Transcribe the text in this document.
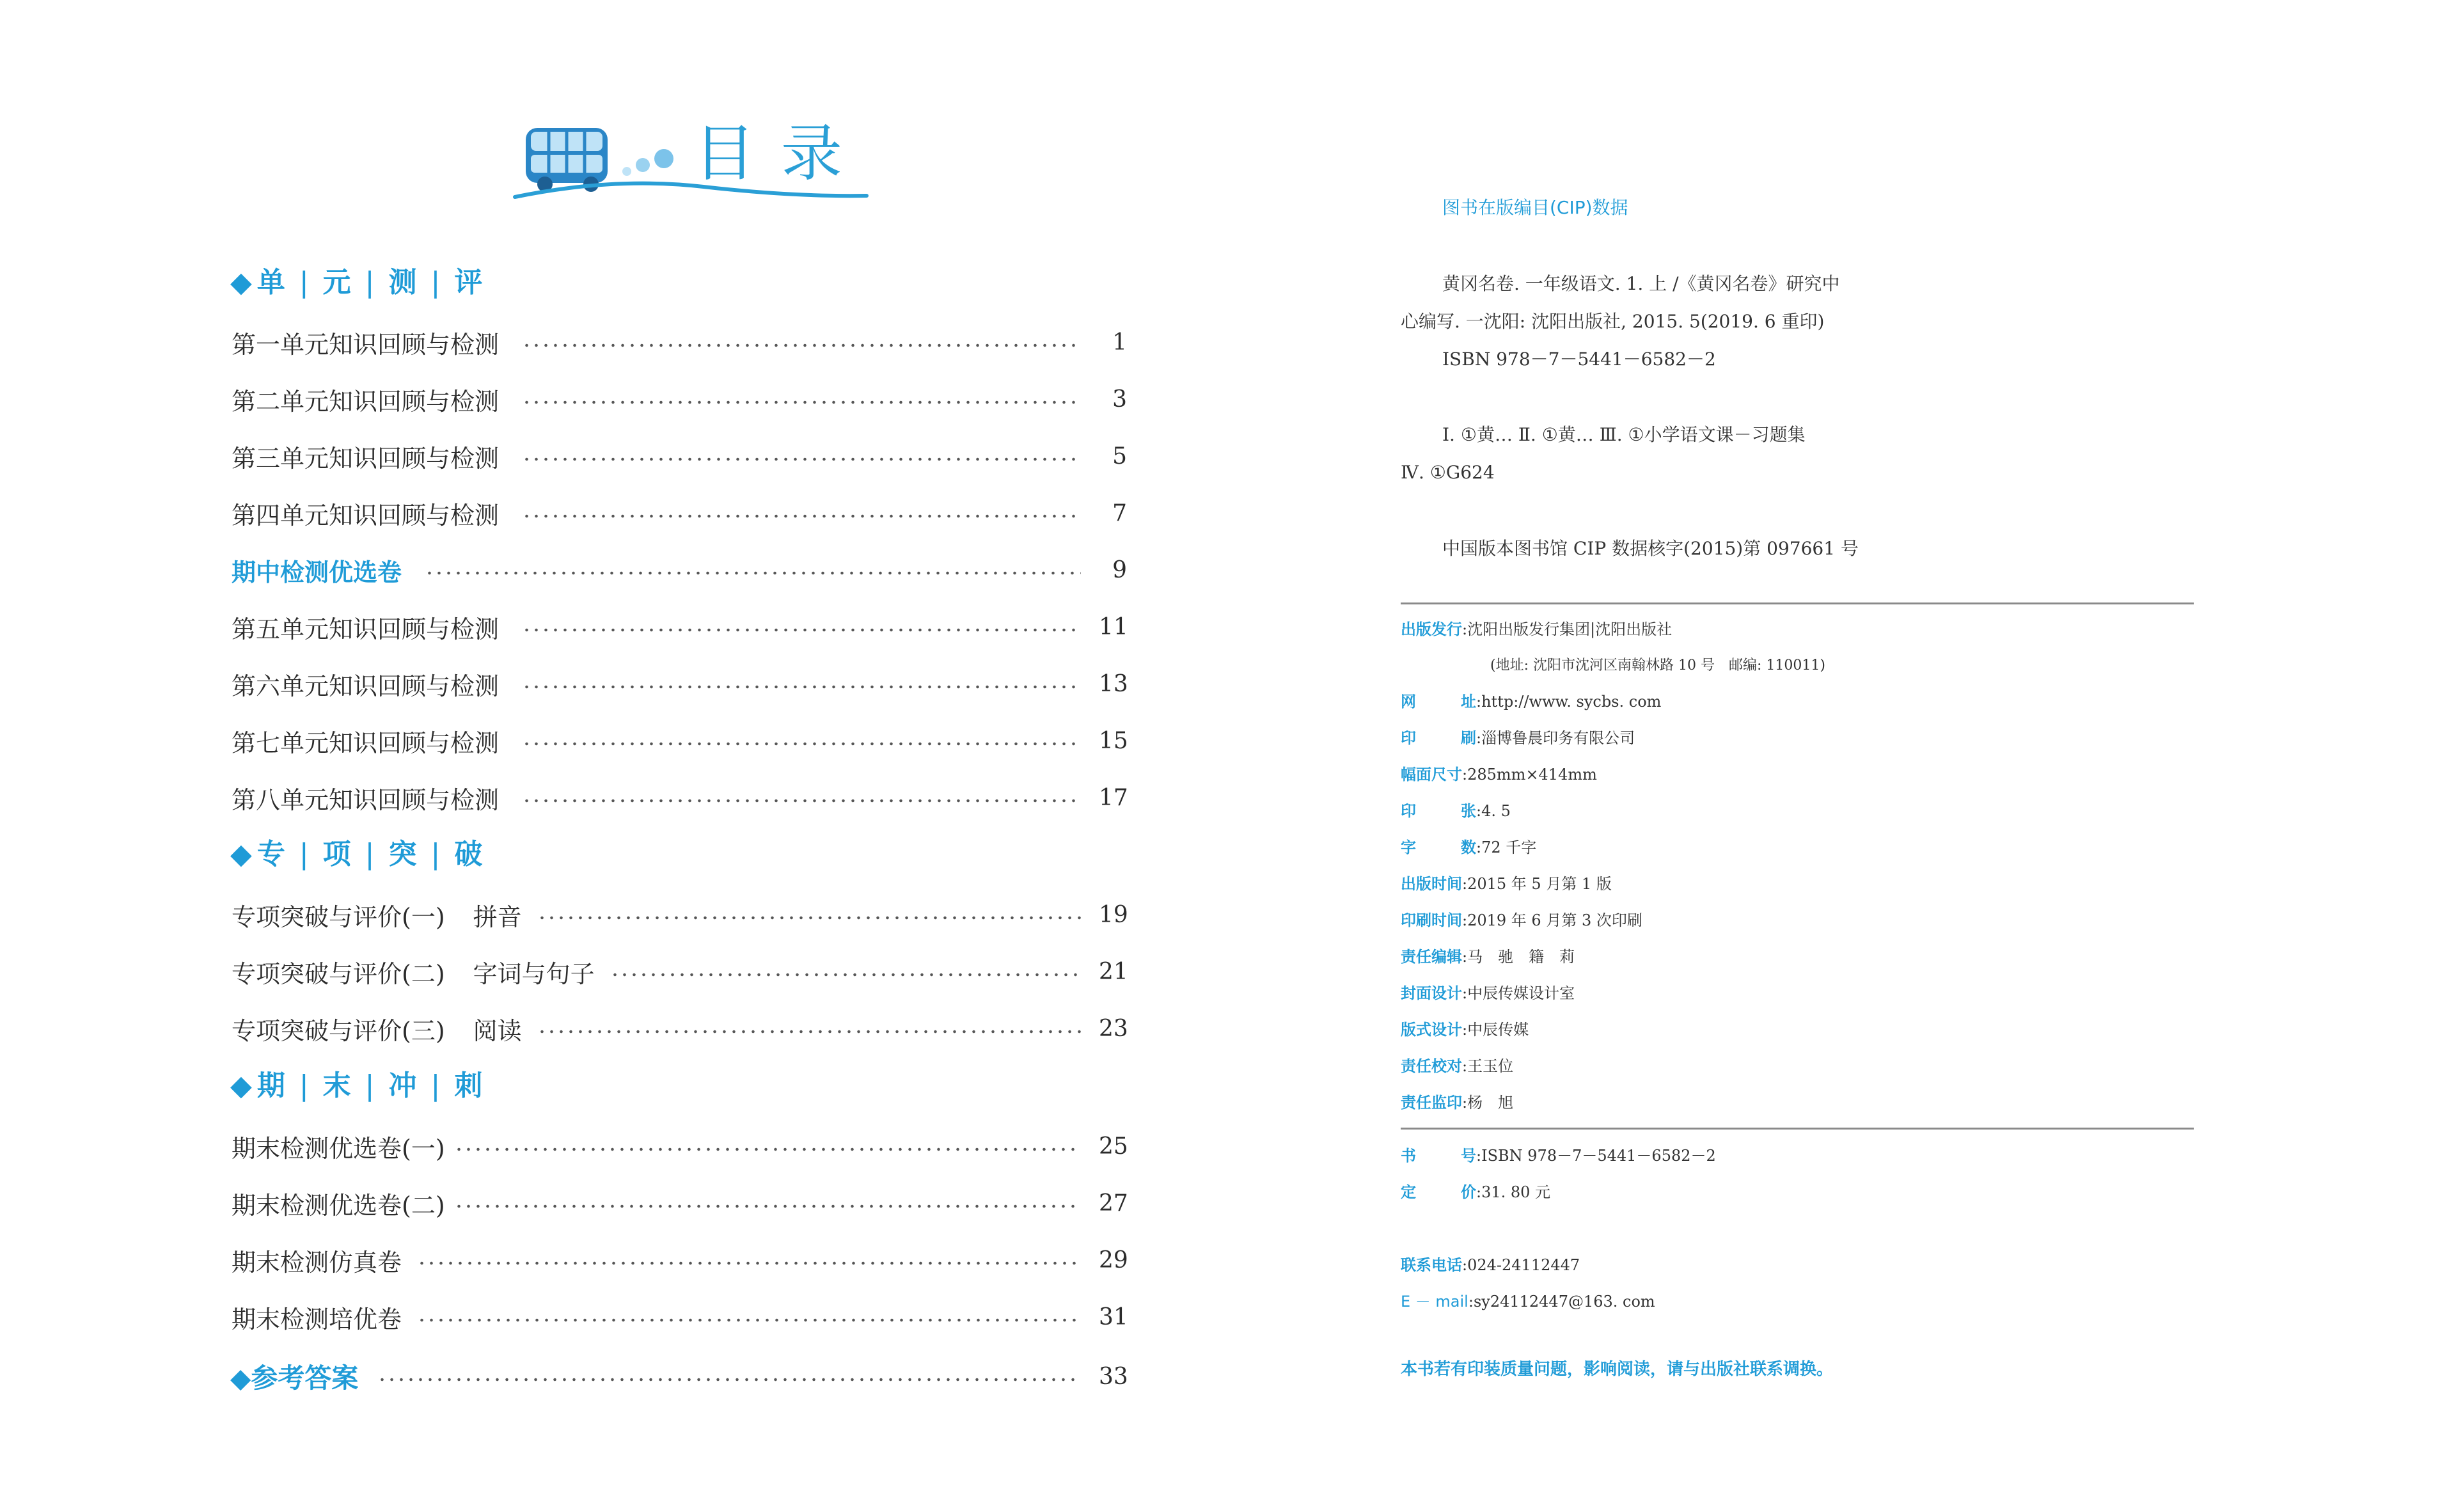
目录
◆ 单 | 元 | 测 | 评
第一单元知识回顾与检测	1
第二单元知识回顾与检测	3
第三单元知识回顾与检测	5
第四单元知识回顾与检测	7
期中检测优选卷	9
第五单元知识回顾与检测	11
第六单元知识回顾与检测	13
第七单元知识回顾与检测	15
第八单元知识回顾与检测	17
◆ 专 | 项 | 突 | 破
专项突破与评价(一) 拼音	19
专项突破与评价(二) 字词与句子	21
专项突破与评价(三) 阅读	23
◆ 期 | 末 | 冲 | 刺
期末检测优选卷(一)	25
期末检测优选卷(二)	27
期末检测仿真卷	29
期末检测培优卷	31
◆参考答案	33
图书在版编目(CIP)数据
黄冈名卷. 一年级语文. 1. 上 /《黄冈名卷》研究中
心编写. 一沈阳: 沈阳出版社, 2015. 5(2019. 6 重印)
ISBN 978－7－5441－6582－2
Ⅰ. ①黄… Ⅱ. ①黄… Ⅲ. ①小学语文课－习题集
Ⅳ. ①G624
中国版本图书馆 CIP 数据核字(2015)第 097661 号
出版发行:沈阳出版发行集团|沈阳出版社
(地址: 沈阳市沈河区南翰林路 10 号　邮编: 110011)
网　址:http://www. sycbs. com
印　刷:淄博鲁晨印务有限公司
幅面尺寸:285mm×414mm
印　张:4. 5
字　数:72 千字
出版时间:2015 年 5 月第 1 版
印刷时间:2019 年 6 月第 3 次印刷
责任编辑:马　驰　籍　莉
封面设计:中辰传媒设计室
版式设计:中辰传媒
责任校对:王玉位
责任监印:杨　旭
书　号:ISBN 978－7－5441－6582－2
定　价:31. 80 元
联系电话:024-24112447
E － mail:sy24112447@163. com
本书若有印装质量问题，影响阅读，请与出版社联系调换。
